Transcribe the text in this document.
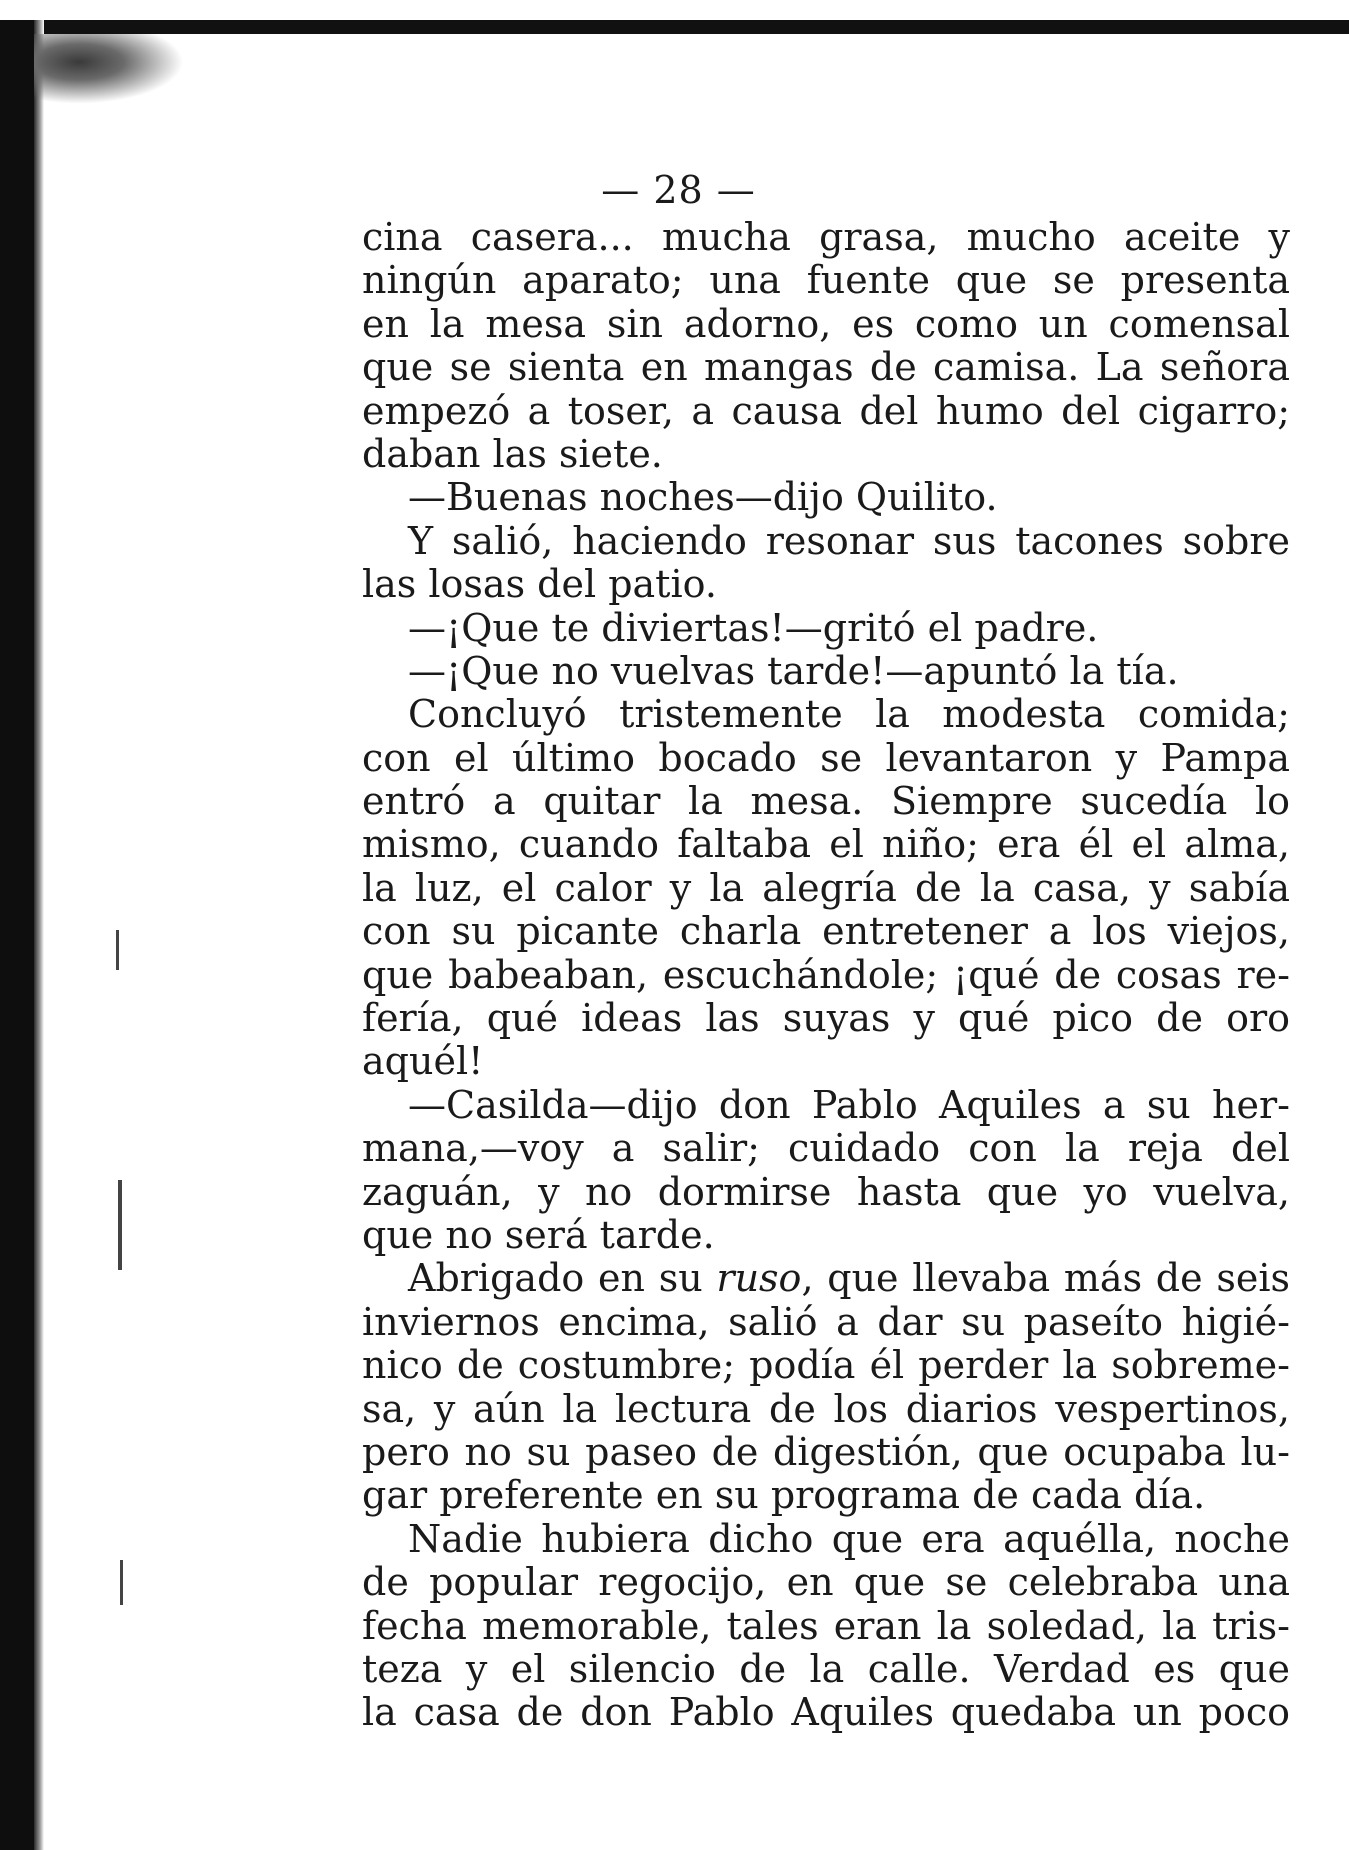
— 28 —
cina casera... mucha grasa, mucho aceite y
ningún aparato; una fuente que se presenta
en la mesa sin adorno, es como un comensal
que se sienta en mangas de camisa. La señora
empezó a toser, a causa del humo del cigarro;
daban las siete.
—Buenas noches—dijo Quilito.
Y salió, haciendo resonar sus tacones sobre
las losas del patio.
—¡Que te diviertas!—gritó el padre.
—¡Que no vuelvas tarde!—apuntó la tía.
Concluyó tristemente la modesta comida;
con el último bocado se levantaron y Pampa
entró a quitar la mesa. Siempre sucedía lo
mismo, cuando faltaba el niño; era él el alma,
la luz, el calor y la alegría de la casa, y sabía
con su picante charla entretener a los viejos,
que babeaban, escuchándole; ¡qué de cosas re-
fería, qué ideas las suyas y qué pico de oro
aquél!
—Casilda—dijo don Pablo Aquiles a su her-
mana,—voy a salir; cuidado con la reja del
zaguán, y no dormirse hasta que yo vuelva,
que no será tarde.
Abrigado en su ruso, que llevaba más de seis
inviernos encima, salió a dar su paseíto higié-
nico de costumbre; podía él perder la sobreme-
sa, y aún la lectura de los diarios vespertinos,
pero no su paseo de digestión, que ocupaba lu-
gar preferente en su programa de cada día.
Nadie hubiera dicho que era aquélla, noche
de popular regocijo, en que se celebraba una
fecha memorable, tales eran la soledad, la tris-
teza y el silencio de la calle. Verdad es que
la casa de don Pablo Aquiles quedaba un poco
